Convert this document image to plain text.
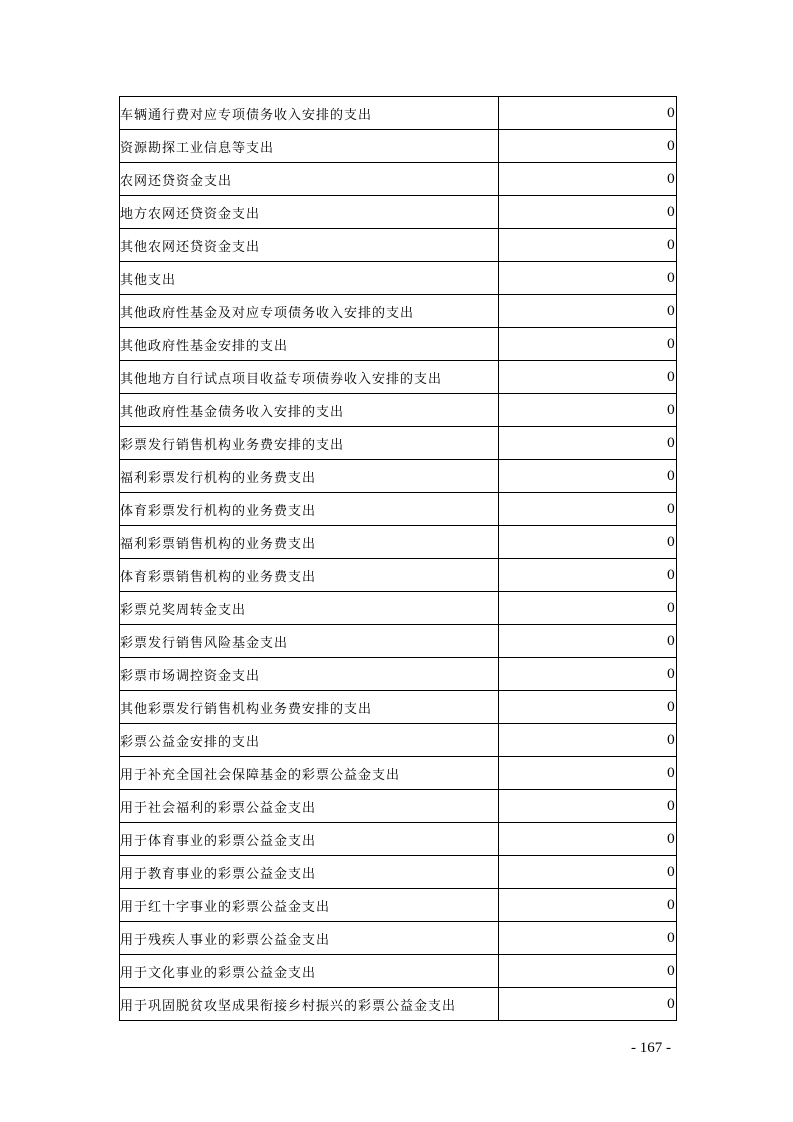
车辆通行费对应专项债务收入安排的支出	0
资源勘探工业信息等支出	0
农网还贷资金支出	0
地方农网还贷资金支出	0
其他农网还贷资金支出	0
其他支出	0
其他政府性基金及对应专项债务收入安排的支出	0
其他政府性基金安排的支出	0
其他地方自行试点项目收益专项债券收入安排的支出	0
其他政府性基金债务收入安排的支出	0
彩票发行销售机构业务费安排的支出	0
福利彩票发行机构的业务费支出	0
体育彩票发行机构的业务费支出	0
福利彩票销售机构的业务费支出	0
体育彩票销售机构的业务费支出	0
彩票兑奖周转金支出	0
彩票发行销售风险基金支出	0
彩票市场调控资金支出	0
其他彩票发行销售机构业务费安排的支出	0
彩票公益金安排的支出	0
用于补充全国社会保障基金的彩票公益金支出	0
用于社会福利的彩票公益金支出	0
用于体育事业的彩票公益金支出	0
用于教育事业的彩票公益金支出	0
用于红十字事业的彩票公益金支出	0
用于残疾人事业的彩票公益金支出	0
用于文化事业的彩票公益金支出	0
用于巩固脱贫攻坚成果衔接乡村振兴的彩票公益金支出	0
- 167 -
